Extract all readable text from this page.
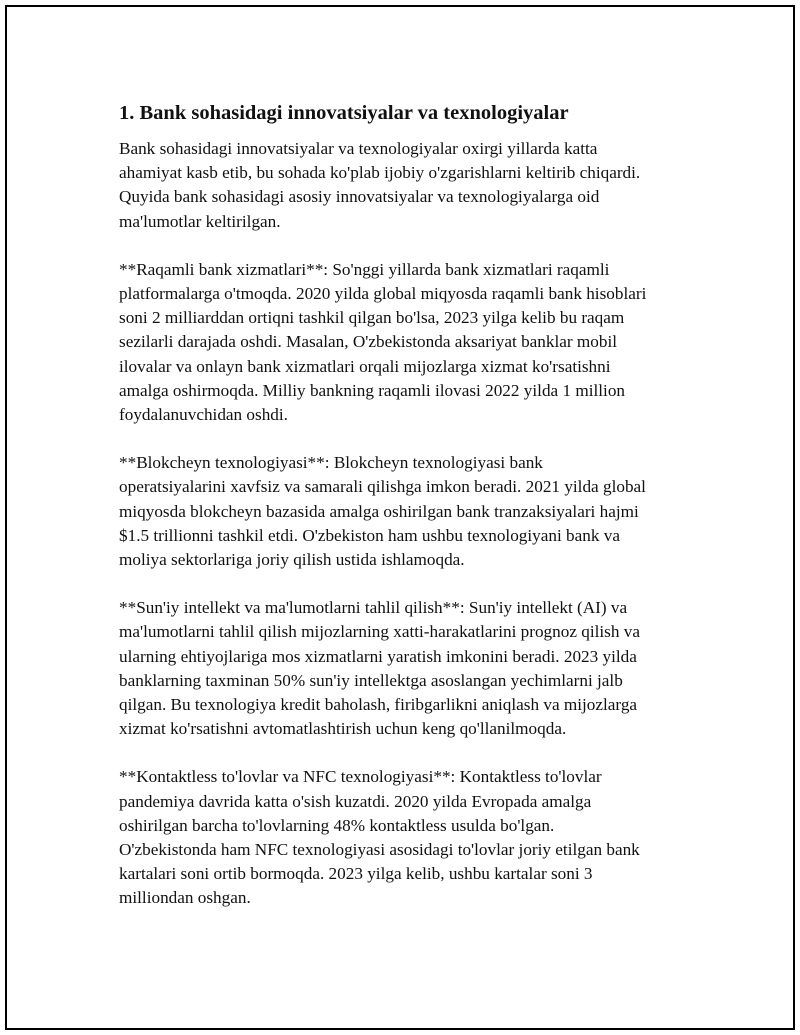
1. Bank sohasidagi innovatsiyalar va texnologiyalar

Bank sohasidagi innovatsiyalar va texnologiyalar oxirgi yillarda katta
ahamiyat kasb etib, bu sohada ko'plab ijobiy o'zgarishlarni keltirib chiqardi.
Quyida bank sohasidagi asosiy innovatsiyalar va texnologiyalarga oid
ma'lumotlar keltirilgan.

**Raqamli bank xizmatlari**: So'nggi yillarda bank xizmatlari raqamli
platformalarga o'tmoqda. 2020 yilda global miqyosda raqamli bank hisoblari
soni 2 milliarddan ortiqni tashkil qilgan bo'lsa, 2023 yilga kelib bu raqam
sezilarli darajada oshdi. Masalan, O'zbekistonda aksariyat banklar mobil
ilovalar va onlayn bank xizmatlari orqali mijozlarga xizmat ko'rsatishni
amalga oshirmoqda. Milliy bankning raqamli ilovasi 2022 yilda 1 million
foydalanuvchidan oshdi.

**Blokcheyn texnologiyasi**: Blokcheyn texnologiyasi bank
operatsiyalarini xavfsiz va samarali qilishga imkon beradi. 2021 yilda global
miqyosda blokcheyn bazasida amalga oshirilgan bank tranzaksiyalari hajmi
$1.5 trillionni tashkil etdi. O'zbekiston ham ushbu texnologiyani bank va
moliya sektorlariga joriy qilish ustida ishlamoqda.

**Sun'iy intellekt va ma'lumotlarni tahlil qilish**: Sun'iy intellekt (AI) va
ma'lumotlarni tahlil qilish mijozlarning xatti-harakatlarini prognoz qilish va
ularning ehtiyojlariga mos xizmatlarni yaratish imkonini beradi. 2023 yilda
banklarning taxminan 50% sun'iy intellektga asoslangan yechimlarni jalb
qilgan. Bu texnologiya kredit baholash, firibgarlikni aniqlash va mijozlarga
xizmat ko'rsatishni avtomatlashtirish uchun keng qo'llanilmoqda.

**Kontaktless to'lovlar va NFC texnologiyasi**: Kontaktless to'lovlar
pandemiya davrida katta o'sish kuzatdi. 2020 yilda Evropada amalga
oshirilgan barcha to'lovlarning 48% kontaktless usulda bo'lgan.
O'zbekistonda ham NFC texnologiyasi asosidagi to'lovlar joriy etilgan bank
kartalari soni ortib bormoqda. 2023 yilga kelib, ushbu kartalar soni 3
milliondan oshgan.
